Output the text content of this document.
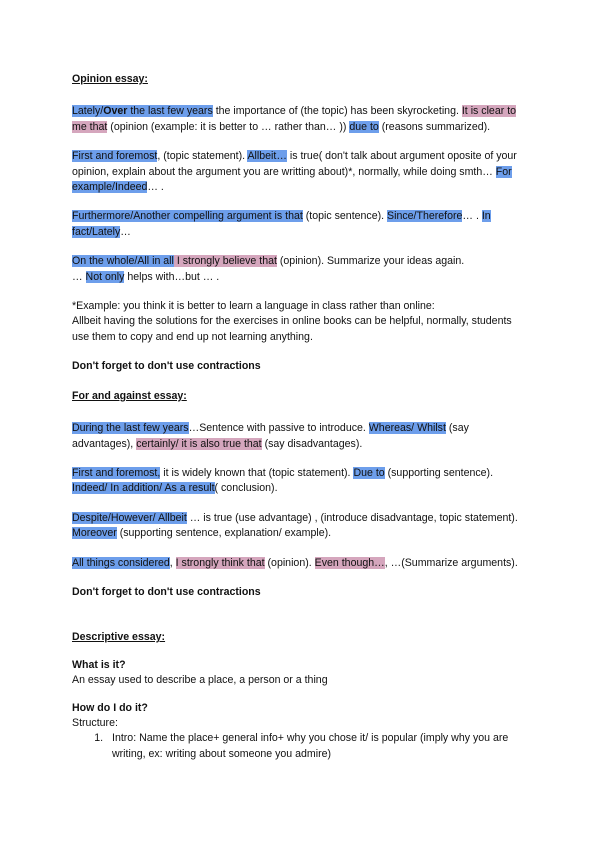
Opinion essay:

Lately/Over the last few years the importance of (the topic) has been skyrocketing. It is clear to me that (opinion (example: it is better to … rather than… )) due to (reasons summarized).

First and foremost, (topic statement). Allbeit… is true( don't talk about argument oposite of your opinion, explain about the argument you are writting about)*, normally, while doing smth… For example/Indeed… .

Furthermore/Another compelling argument is that (topic sentence). Since/Therefore… . In fact/Lately…

On the whole/All in all I strongly believe that (opinion). Summarize your ideas again.
… Not only helps with…but … .

*Example: you think it is better to learn a language in class rather than online:

Allbeit having the solutions for the exercises in online books can be helpful, normally, students use them to copy and end up not learning anything.

Don't forget to don't use contractions

For and against essay:

During the last few years…Sentence with passive to introduce. Whereas/ Whilst (say advantages), certainly/ it is also true that (say disadvantages).

First and foremost, it is widely known that (topic statement). Due to (supporting sentence). Indeed/ In addition/ As a result( conclusion).

Despite/However/ Allbeit … is true (use advantage) , (introduce disadvantage, topic statement). Moreover (supporting sentence, explanation/ example).

All things considered, I strongly think that (opinion). Even though…, …(Summarize arguments).

Don't forget to don't use contractions

Descriptive essay:

What is it?

An essay used to describe a place, a person or a thing

How do I do it?

Structure:

1. Intro: Name the place+ general info+ why you chose it/ is popular (imply why you are writing, ex: writing about someone you admire)
